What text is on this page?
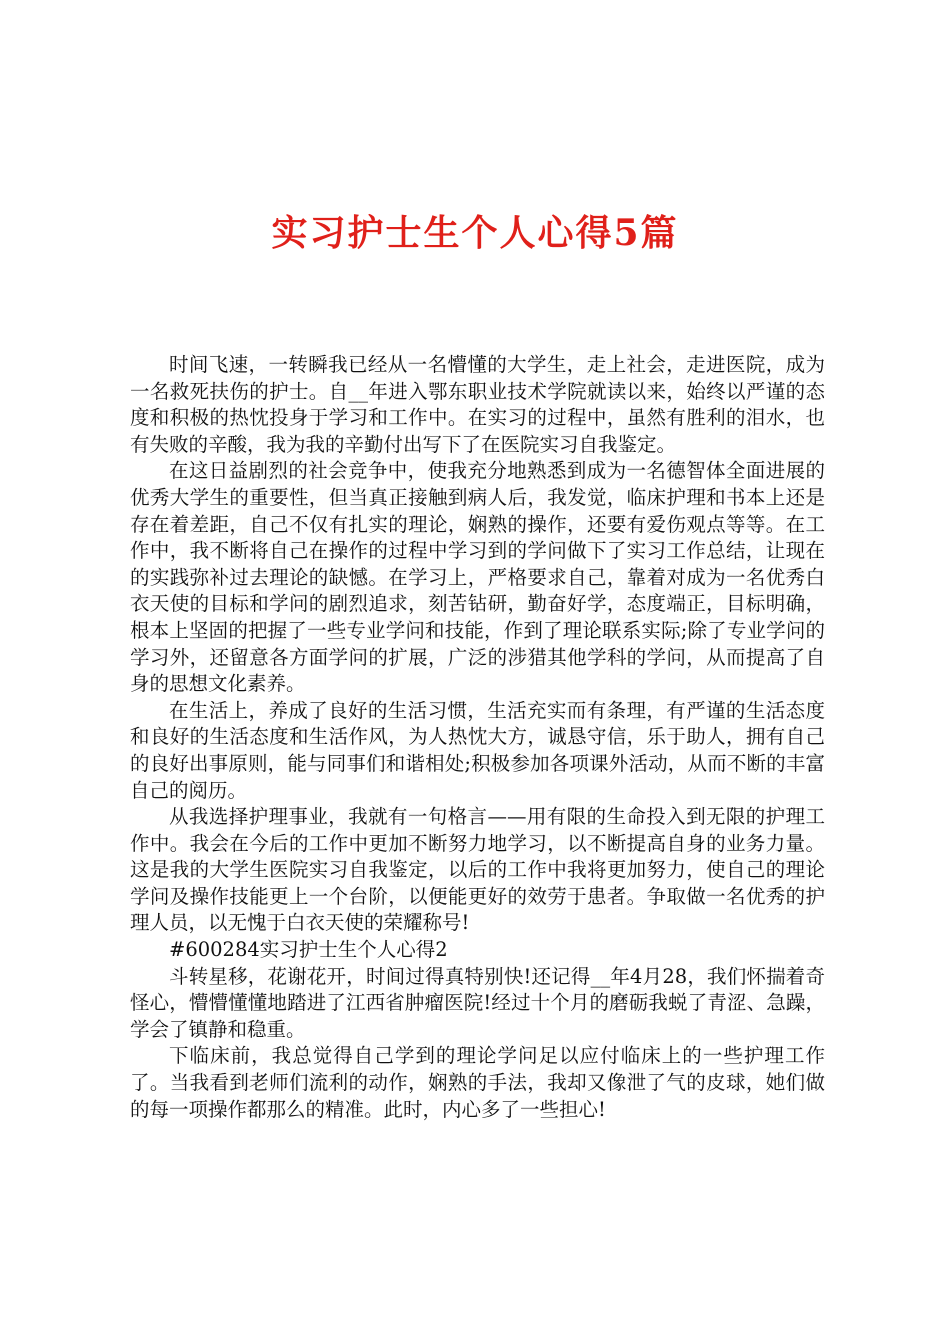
实习护士生个人心得5篇

时间飞速，一转瞬我已经从一名懵懂的大学生，走上社会，走进医院，成为一名救死扶伤的护士。自__年进入鄂东职业技术学院就读以来，始终以严谨的态度和积极的热忱投身于学习和工作中。在实习的过程中，虽然有胜利的泪水，也有失败的辛酸，我为我的辛勤付出写下了在医院实习自我鉴定。

在这日益剧烈的社会竞争中，使我充分地熟悉到成为一名德智体全面进展的优秀大学生的重要性，但当真正接触到病人后，我发觉，临床护理和书本上还是存在着差距，自己不仅有扎实的理论，娴熟的操作，还要有爱伤观点等等。在工作中，我不断将自己在操作的过程中学习到的学问做下了实习工作总结，让现在的实践弥补过去理论的缺憾。在学习上，严格要求自己，靠着对成为一名优秀白衣天使的目标和学问的剧烈追求，刻苦钻研，勤奋好学，态度端正，目标明确，根本上坚固的把握了一些专业学问和技能，作到了理论联系实际;除了专业学问的学习外，还留意各方面学问的扩展，广泛的涉猎其他学科的学问，从而提高了自身的思想文化素养。

在生活上，养成了良好的生活习惯，生活充实而有条理，有严谨的生活态度和良好的生活态度和生活作风，为人热忱大方，诚恳守信，乐于助人，拥有自己的良好出事原则，能与同事们和谐相处;积极参加各项课外活动，从而不断的丰富自己的阅历。

从我选择护理事业，我就有一句格言——用有限的生命投入到无限的护理工作中。我会在今后的工作中更加不断努力地学习，以不断提高自身的业务力量。这是我的大学生医院实习自我鉴定，以后的工作中我将更加努力，使自己的理论学问及操作技能更上一个台阶，以便能更好的效劳于患者。争取做一名优秀的护理人员，以无愧于白衣天使的荣耀称号!

#600284实习护士生个人心得2

斗转星移，花谢花开，时间过得真特别快!还记得__年4月28，我们怀揣着奇怪心，懵懵懂懂地踏进了江西省肿瘤医院!经过十个月的磨砺我蜕了青涩、急躁，学会了镇静和稳重。

下临床前，我总觉得自己学到的理论学问足以应付临床上的一些护理工作了。当我看到老师们流利的动作，娴熟的手法，我却又像泄了气的皮球，她们做的每一项操作都那么的精准。此时，内心多了一些担心!
